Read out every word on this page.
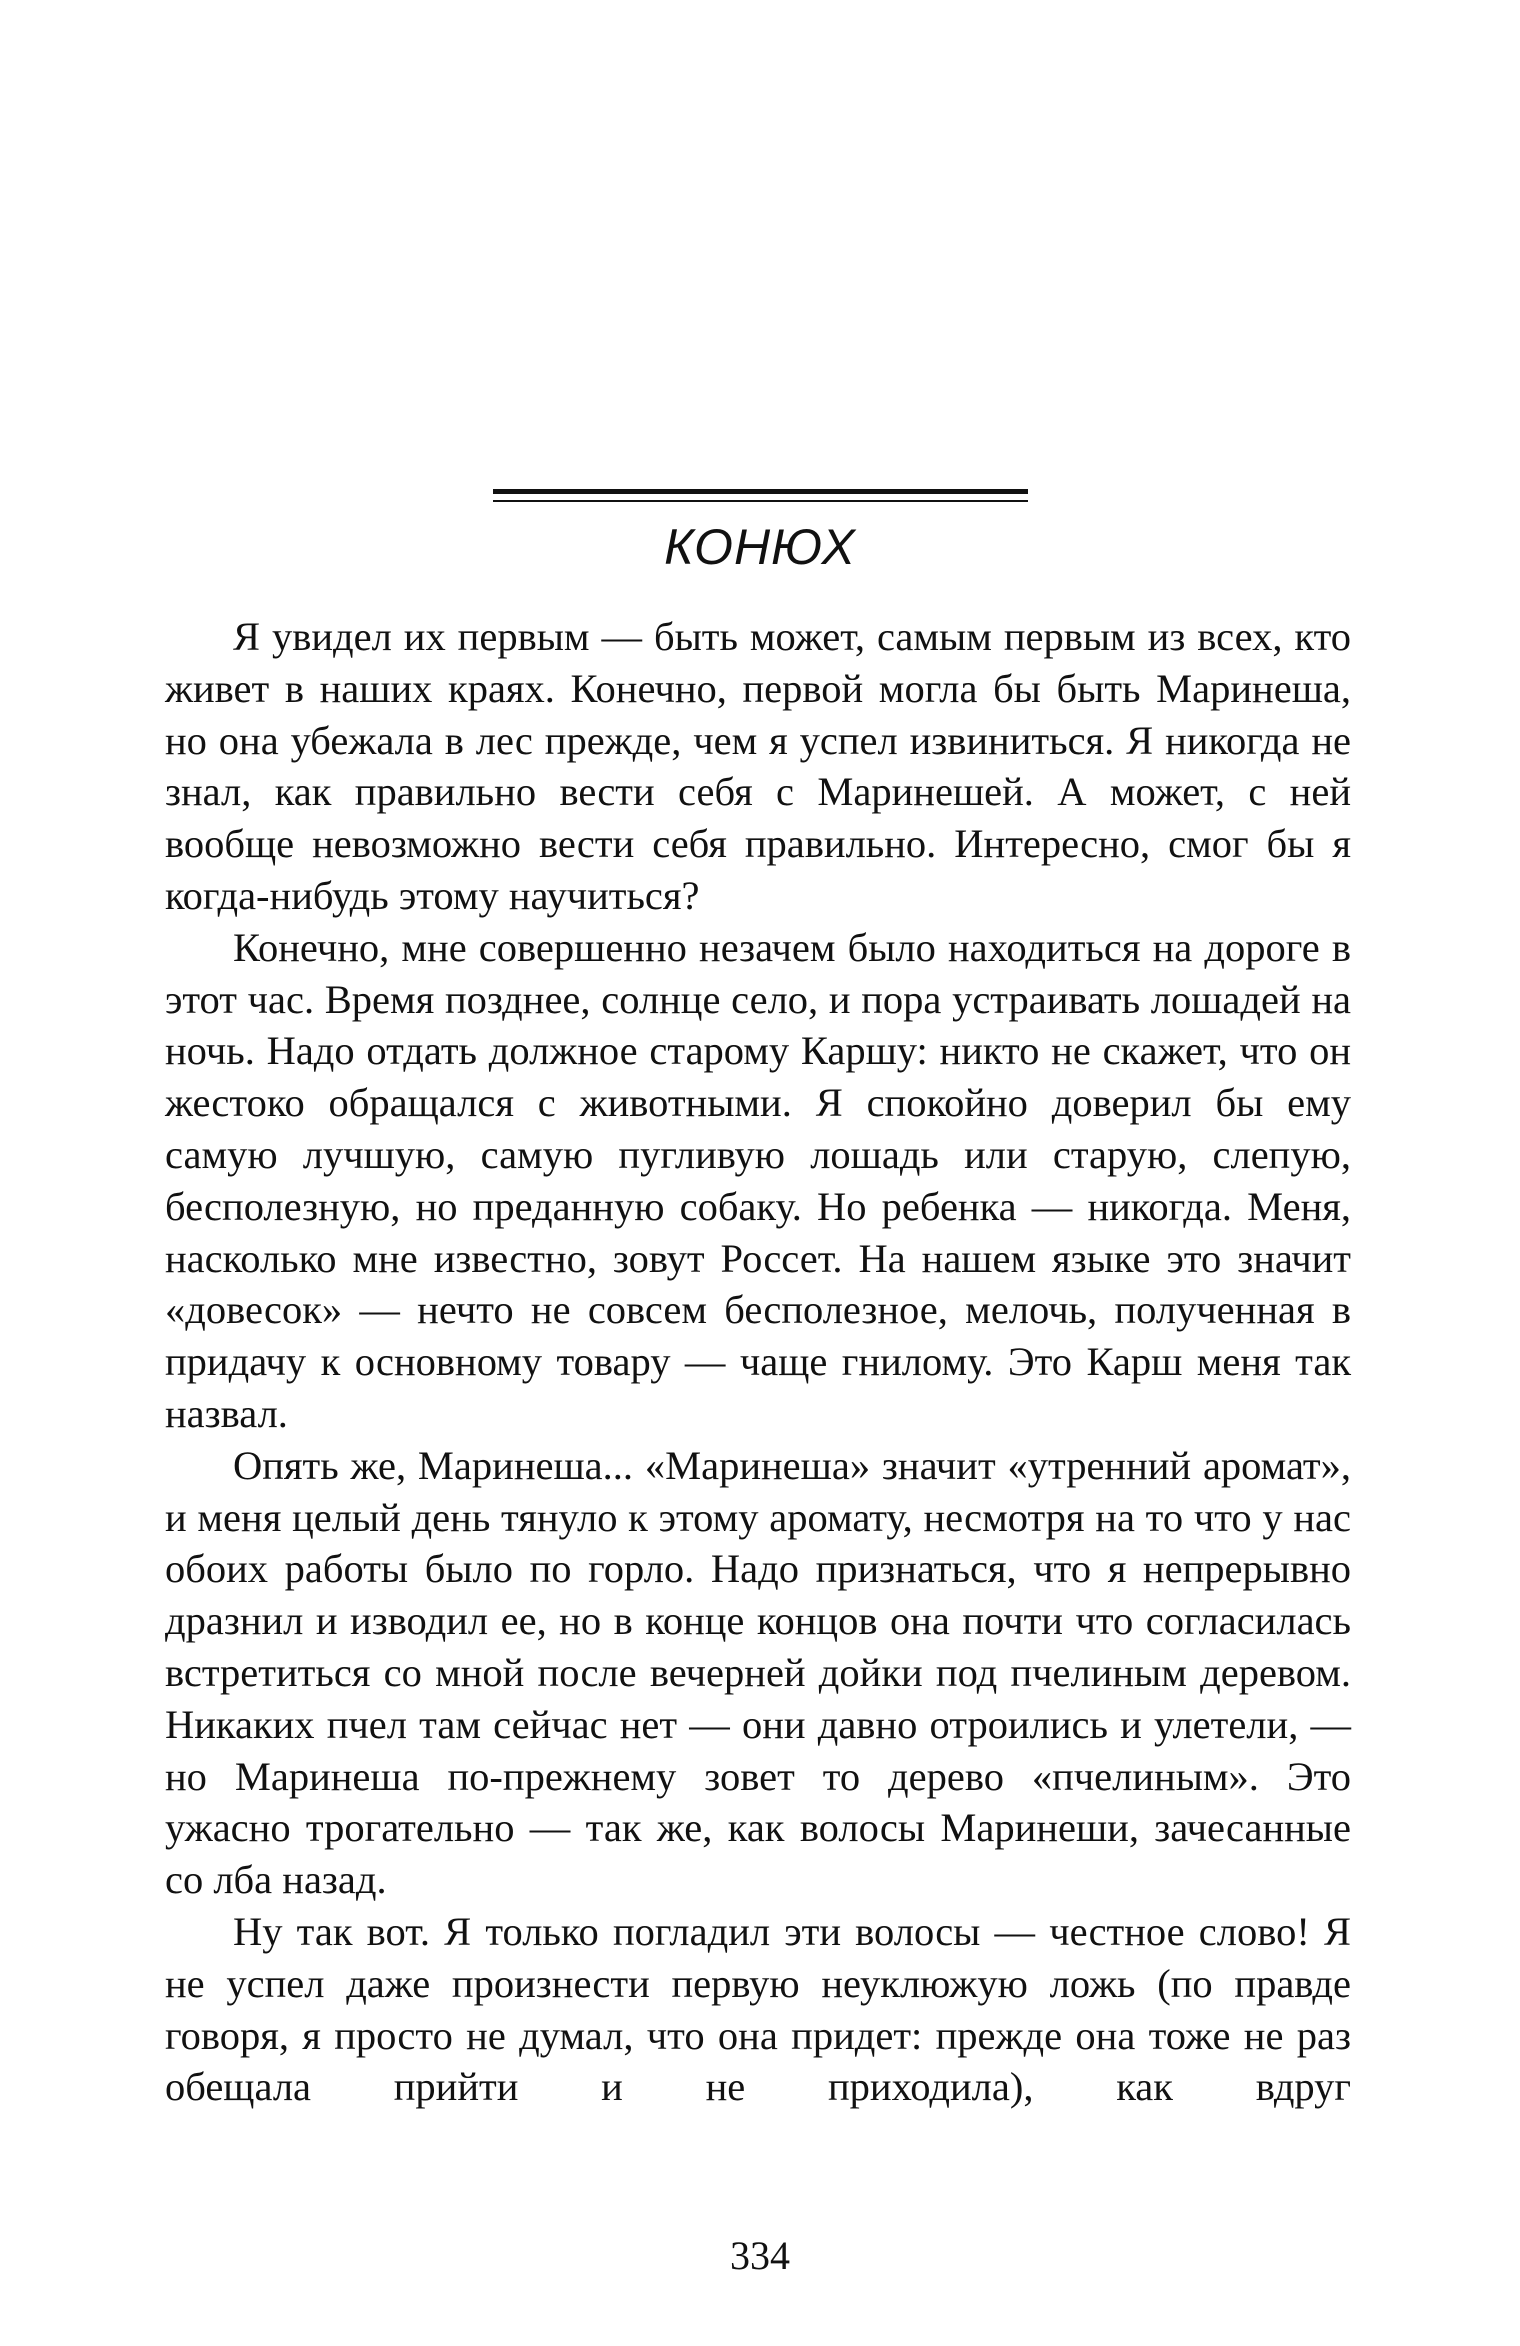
КОНЮХ

Я увидел их первым — быть может, самым первым из всех, кто живет в наших краях. Конечно, первой могла бы быть Маринеша, но она убежала в лес прежде, чем я успел извиниться. Я никогда не знал, как правильно вести себя с Маринешей. А может, с ней вообще невозможно вести себя правильно. Интересно, смог бы я когда-нибудь этому научиться?

Конечно, мне совершенно незачем было находиться на дороге в этот час. Время позднее, солнце село, и пора устраивать лошадей на ночь. Надо отдать должное старому Каршу: никто не скажет, что он жестоко обращался с животными. Я спокойно доверил бы ему самую лучшую, самую пугливую лошадь или старую, слепую, бесполезную, но преданную собаку. Но ребенка — никогда. Меня, насколько мне известно, зовут Россет. На нашем языке это значит «довесок» — нечто не совсем бесполезное, мелочь, полученная в придачу к основному товару — чаще гнилому. Это Карш меня так назвал.

Опять же, Маринеша... «Маринеша» значит «утренний аромат», и меня целый день тянуло к этому аромату, несмотря на то что у нас обоих работы было по горло. Надо признаться, что я непрерывно дразнил и изводил ее, но в конце концов она почти что согласилась встретиться со мной после вечерней дойки под пчелиным деревом. Никаких пчел там сейчас нет — они давно отроились и улетели, — но Маринеша по-прежнему зовет то дерево «пчелиным». Это ужасно трогательно — так же, как волосы Маринеши, зачесанные со лба назад.

Ну так вот. Я только погладил эти волосы — честное слово! Я не успел даже произнести первую неуклюжую ложь (по правде говоря, я просто не думал, что она придет: прежде она тоже не раз обещала прийти и не приходила), как вдруг

334
